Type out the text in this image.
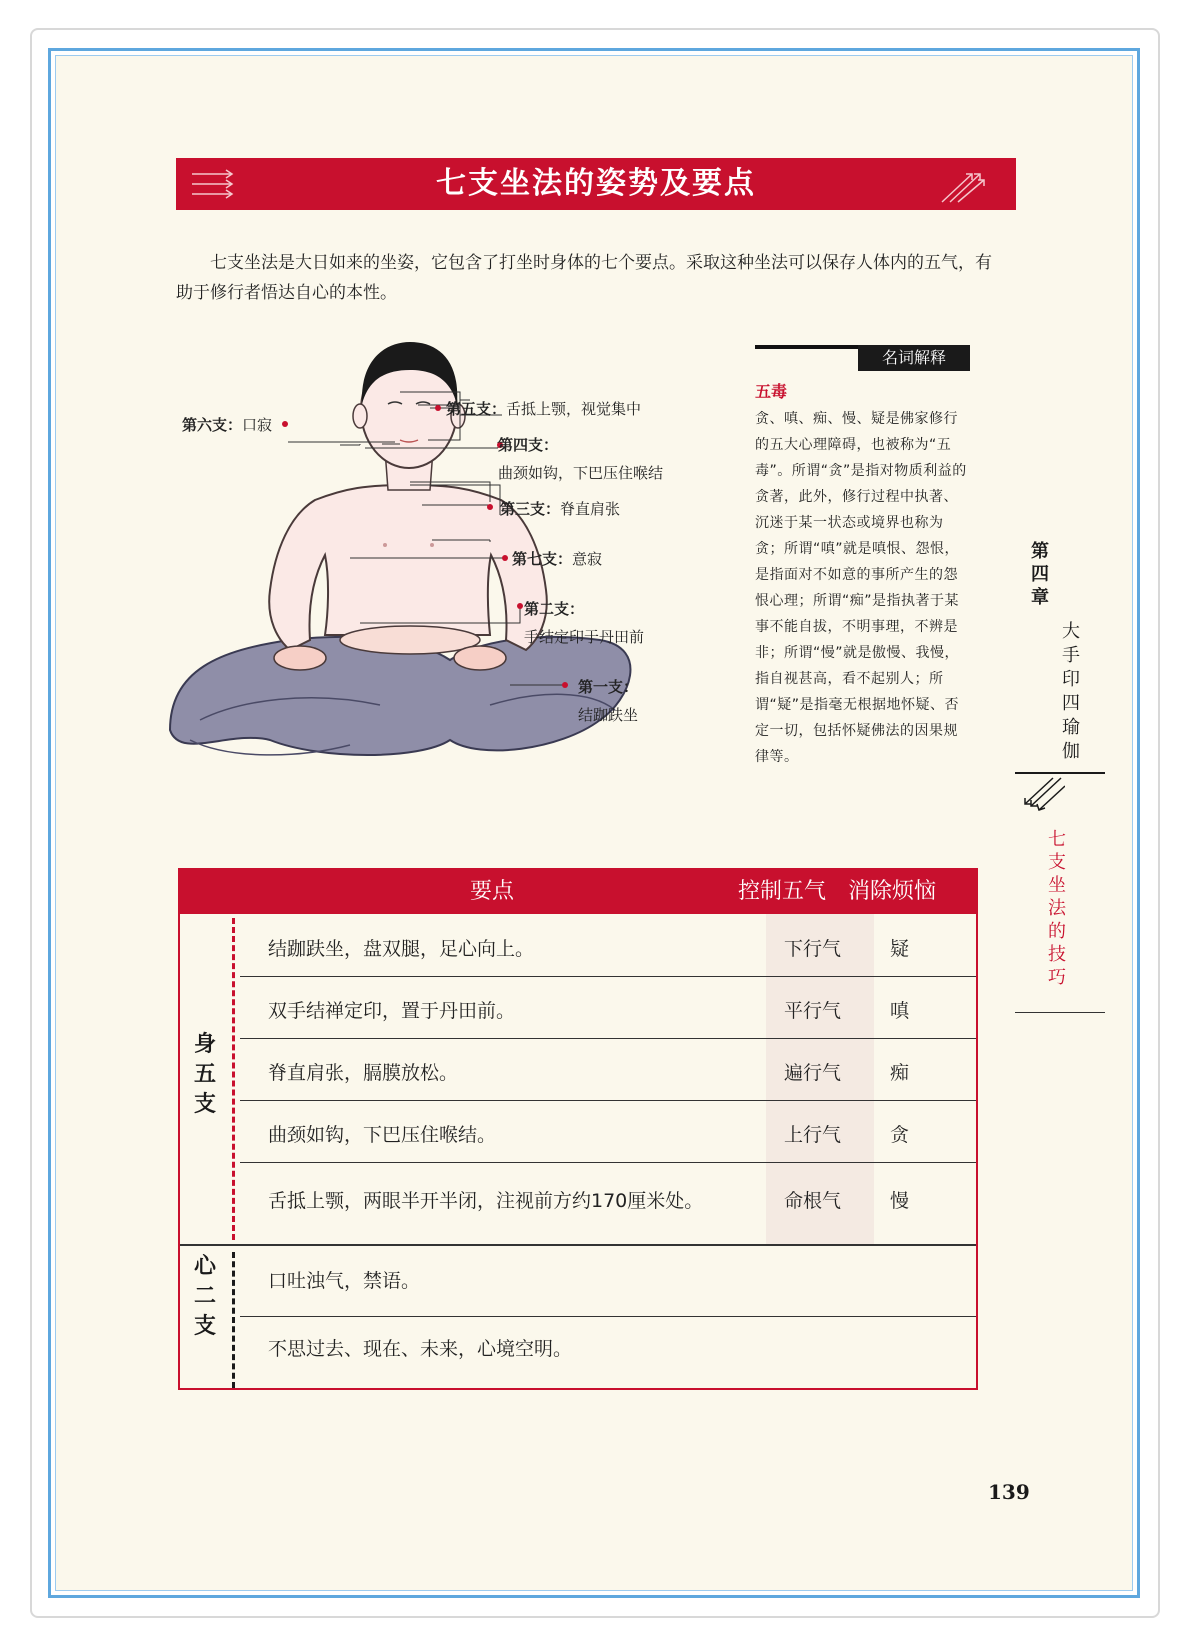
七支坐法的姿势及要点

七支坐法是大日如来的坐姿，它包含了打坐时身体的七个要点。采取这种坐法可以保存人体内的五气，有助于修行者悟达自心的本性。

第六支：口寂
第五支：舌抵上颚，视觉集中
第四支：
曲颈如钩，下巴压住喉结
第三支：脊直肩张
第七支：意寂
第二支：
手结定印于丹田前
第一支：
结跏趺坐
名词解释
五毒
贪、嗔、痴、慢、疑是佛家修行的五大心理障碍，也被称为“五毒”。所谓“贪”是指对物质利益的贪著，此外，修行过程中执著、沉迷于某一状态或境界也称为贪；所谓“嗔”就是嗔恨、怨恨，是指面对不如意的事所产生的怨恨心理；所谓“痴”是指执著于某事不能自拔，不明事理，不辨是非；所谓“慢”就是傲慢、我慢，指自视甚高，看不起别人；所谓“疑”是指毫无根据地怀疑、否定一切，包括怀疑佛法的因果规律等。
第四章
大手印四瑜伽
七支坐法的技巧
要点	控制五气 消除烦恼
身五支
心二支
结跏趺坐，盘双腿，足心向上。	下行气	疑
双手结禅定印，置于丹田前。	平行气	嗔
脊直肩张，膈膜放松。	遍行气	痴
曲颈如钩，下巴压住喉结。	上行气	贪
舌抵上颚，两眼半开半闭，注视前方约170厘米处。	命根气	慢
口吐浊气，禁语。
不思过去、现在、未来，心境空明。
139
